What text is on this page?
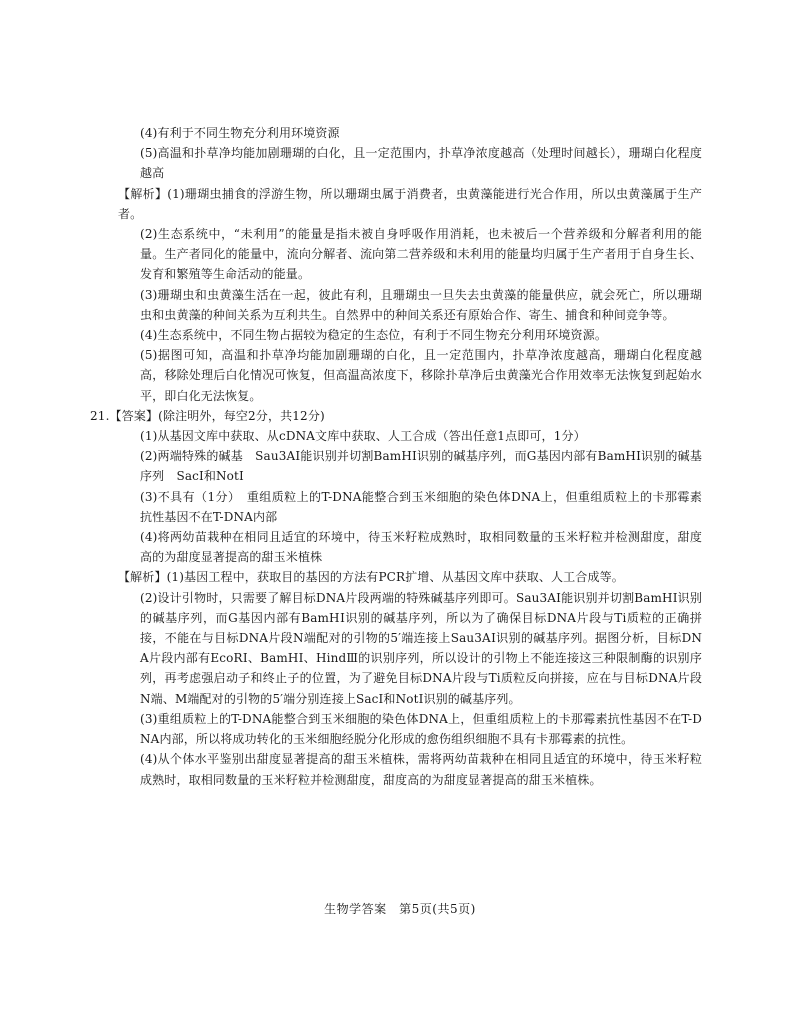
(4)有利于不同生物充分利用环境资源

(5)高温和扑草净均能加剧珊瑚的白化，且一定范围内，扑草净浓度越高（处理时间越长），珊瑚白化程度越高

【解析】(1)珊瑚虫捕食的浮游生物，所以珊瑚虫属于消费者，虫黄藻能进行光合作用，所以虫黄藻属于生产者。

(2)生态系统中，“未利用”的能量是指未被自身呼吸作用消耗，也未被后一个营养级和分解者利用的能量。生产者同化的能量中，流向分解者、流向第二营养级和未利用的能量均归属于生产者用于自身生长、发育和繁殖等生命活动的能量。

(3)珊瑚虫和虫黄藻生活在一起，彼此有利，且珊瑚虫一旦失去虫黄藻的能量供应，就会死亡，所以珊瑚虫和虫黄藻的种间关系为互利共生。自然界中的种间关系还有原始合作、寄生、捕食和种间竞争等。

(4)生态系统中，不同生物占据较为稳定的生态位，有利于不同生物充分利用环境资源。

(5)据图可知，高温和扑草净均能加剧珊瑚的白化，且一定范围内，扑草净浓度越高，珊瑚白化程度越高，移除处理后白化情况可恢复，但高温高浓度下，移除扑草净后虫黄藻光合作用效率无法恢复到起始水平，即白化无法恢复。

21.【答案】(除注明外，每空2分，共12分)

(1)从基因文库中获取、从cDNA文库中获取、人工合成（答出任意1点即可，1分）

(2)两端特殊的碱基　Sau3AⅠ能识别并切割BamHⅠ识别的碱基序列，而G基因内部有BamHⅠ识别的碱基序列　SacⅠ和NotⅠ

(3)不具有（1分）　重组质粒上的T-DNA能整合到玉米细胞的染色体DNA上，但重组质粒上的卡那霉素抗性基因不在T-DNA内部

(4)将两幼苗栽种在相同且适宜的环境中，待玉米籽粒成熟时，取相同数量的玉米籽粒并检测甜度，甜度高的为甜度显著提高的甜玉米植株

【解析】(1)基因工程中，获取目的基因的方法有PCR扩增、从基因文库中获取、人工合成等。

(2)设计引物时，只需要了解目标DNA片段两端的特殊碱基序列即可。Sau3AⅠ能识别并切割BamHⅠ识别的碱基序列，而G基因内部有BamHⅠ识别的碱基序列，所以为了确保目标DNA片段与Ti质粒的正确拼接，不能在与目标DNA片段N端配对的引物的5′端连接上Sau3AⅠ识别的碱基序列。据图分析，目标DNA片段内部有EcoRⅠ、BamHⅠ、HindⅢ的识别序列，所以设计的引物上不能连接这三种限制酶的识别序列，再考虑强启动子和终止子的位置，为了避免目标DNA片段与Ti质粒反向拼接，应在与目标DNA片段N端、M端配对的引物的5′端分别连接上SacⅠ和NotⅠ识别的碱基序列。

(3)重组质粒上的T-DNA能整合到玉米细胞的染色体DNA上，但重组质粒上的卡那霉素抗性基因不在T-DNA内部，所以将成功转化的玉米细胞经脱分化形成的愈伤组织细胞不具有卡那霉素的抗性。

(4)从个体水平鉴别出甜度显著提高的甜玉米植株，需将两幼苗栽种在相同且适宜的环境中，待玉米籽粒成熟时，取相同数量的玉米籽粒并检测甜度，甜度高的为甜度显著提高的甜玉米植株。

生物学答案　第5页(共5页)
